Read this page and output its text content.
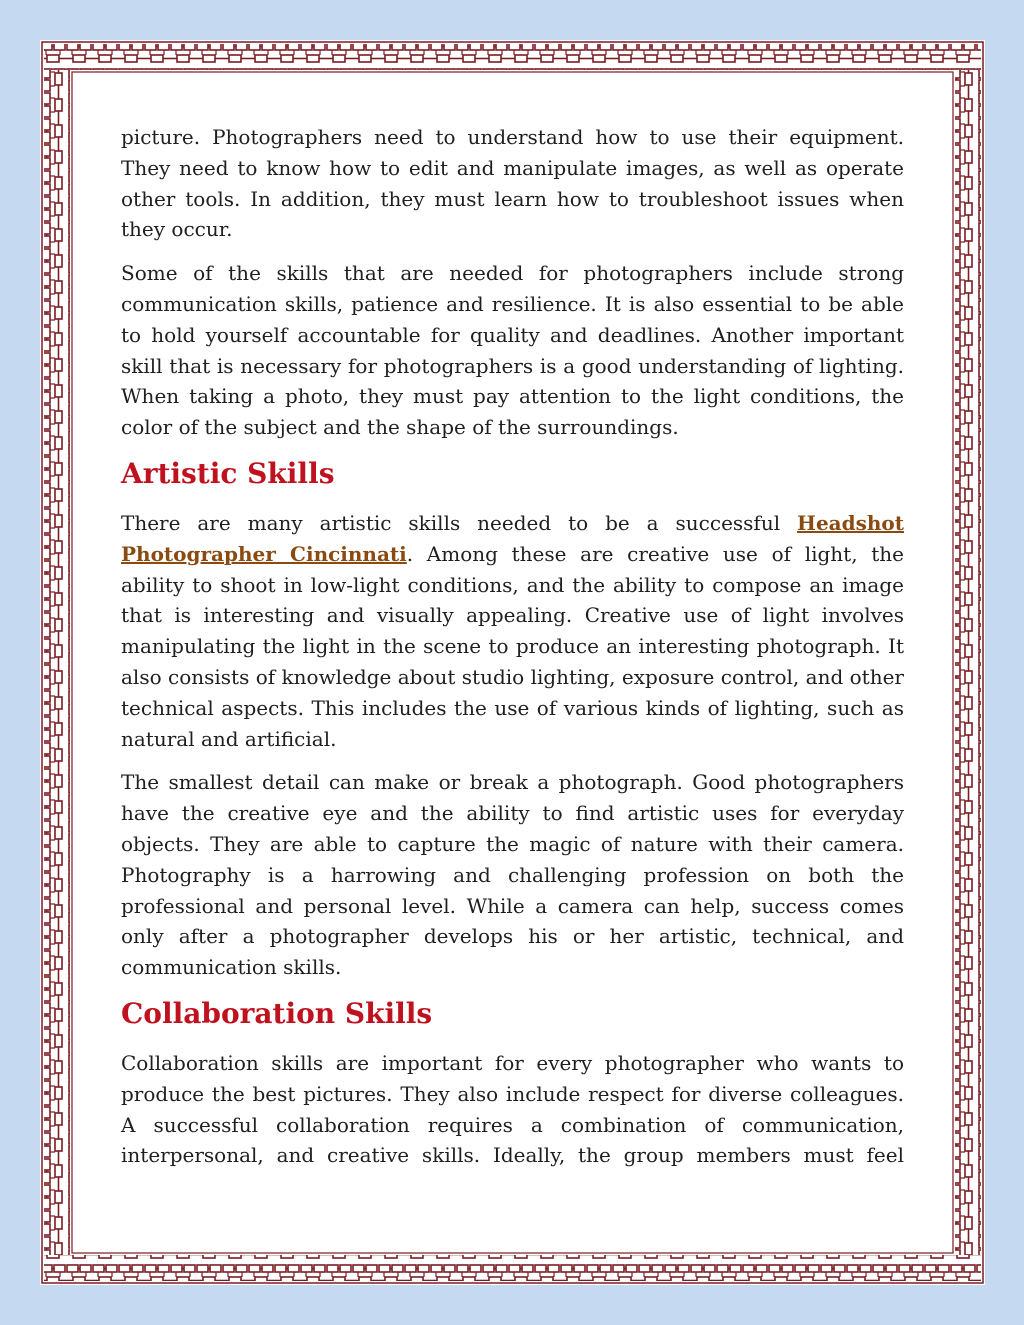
picture. Photographers need to understand how to use their equipment. They need to know how to edit and manipulate images, as well as operate other tools. In addition, they must learn how to troubleshoot issues when they occur.

Some of the skills that are needed for photographers include strong communication skills, patience and resilience. It is also essential to be able to hold yourself accountable for quality and deadlines. Another important skill that is necessary for photographers is a good understanding of lighting. When taking a photo, they must pay attention to the light conditions, the color of the subject and the shape of the surroundings.

Artistic Skills

There are many artistic skills needed to be a successful Headshot Photographer Cincinnati. Among these are creative use of light, the ability to shoot in low-light conditions, and the ability to compose an image that is interesting and visually appealing. Creative use of light involves manipulating the light in the scene to produce an interesting photograph. It also consists of knowledge about studio lighting, exposure control, and other technical aspects. This includes the use of various kinds of lighting, such as natural and artificial.

The smallest detail can make or break a photograph. Good photographers have the creative eye and the ability to find artistic uses for everyday objects. They are able to capture the magic of nature with their camera. Photography is a harrowing and challenging profession on both the professional and personal level. While a camera can help, success comes only after a photographer develops his or her artistic, technical, and communication skills.

Collaboration Skills

Collaboration skills are important for every photographer who wants to produce the best pictures. They also include respect for diverse colleagues. A successful collaboration requires a combination of communication, interpersonal, and creative skills. Ideally, the group members must feel
